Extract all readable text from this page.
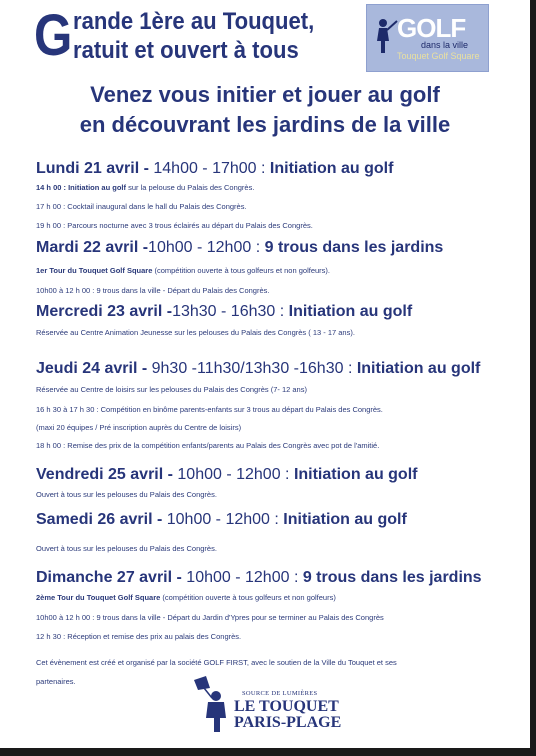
G rande 1ère au Touquet,
ratuit et ouvert à tous
GOLF
dans la ville
Touquet Golf Square
Venez vous initier et jouer au golf
en découvrant les jardins de la ville
Lundi 21 avril - 14h00 - 17h00 : Initiation au golf
14 h 00 : Initiation au golf sur la pelouse du Palais des Congrès.
17 h 00 : Cocktail inaugural dans le hall du Palais des Congrès.
19 h 00 : Parcours nocturne avec 3 trous éclairés au départ du Palais des Congrès.
Mardi 22 avril -10h00 - 12h00 : 9 trous dans les jardins
1er Tour du Touquet Golf Square (compétition ouverte à tous golfeurs et non golfeurs).
10h00 à 12 h 00 : 9 trous dans la ville - Départ du Palais des Congrès.
Mercredi 23 avril -13h30 - 16h30 : Initiation au golf
Réservée au Centre Animation Jeunesse sur les pelouses du Palais des Congrès ( 13 - 17 ans).
Jeudi 24 avril - 9h30 -11h30/13h30 -16h30 : Initiation au golf
Réservée au Centre de loisirs sur les pelouses du Palais des Congrès (7- 12 ans)
16 h 30 à 17 h 30 : Compétition en binôme parents-enfants sur 3 trous au départ du Palais des Congrès.
(maxi 20 équipes / Pré inscription auprès du Centre de loisirs)
18 h 00 : Remise des prix de la compétition enfants/parents au Palais des Congrès avec pot de l'amitié.
Vendredi 25 avril - 10h00 - 12h00 : Initiation au golf
Ouvert à tous sur les pelouses du Palais des Congrès.
Samedi 26 avril - 10h00 - 12h00 : Initiation au golf
Ouvert à tous sur les pelouses du Palais des Congrès.
Dimanche 27 avril - 10h00 - 12h00 : 9 trous dans les jardins
2ème Tour du Touquet Golf Square (compétition ouverte à tous golfeurs et non golfeurs)
10h00 à 12 h 00 : 9 trous dans la ville - Départ du Jardin d'Ypres pour se terminer au Palais des Congrès
12 h 30 : Réception et remise des prix au palais des Congrès.
Cet évènement est créé et organisé par la société GOLF FIRST, avec le soutien de la Ville du Touquet et ses
partenaires.
SOURCE DE LUMIÈRES
LE TOUQUET
PARIS-PLAGE
